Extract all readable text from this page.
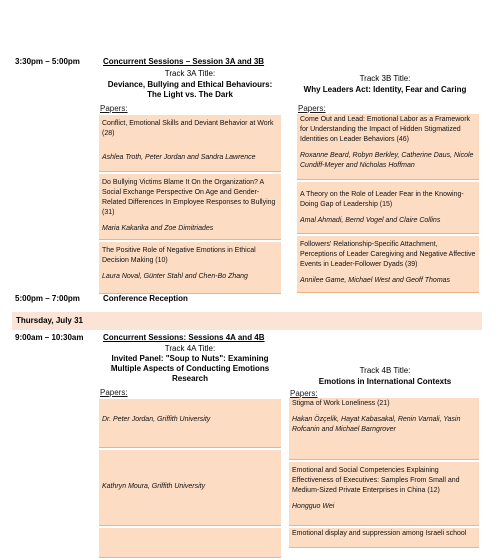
3:30pm – 5:00pm	Concurrent Sessions – Session 3A and 3B
Track 3A Title:
Deviance, Bullying and Ethical Behaviours: The Light vs. The Dark
Papers:
Conflict, Emotional Skills and Deviant Behavior at Work (28)
Ashlea Troth, Peter Jordan and Sandra Lawrence
Do Bullying Victims Blame It On the Organization? A Social Exchange Perspective On Age and Gender-Related Differences In Employee Responses to Bullying (31)
Maria Kakarika and Zoe Dimitriades
The Positive Role of Negative Emotions in Ethical Decision Making (10)
Laura Noval, Günter Stahl and Chen-Bo Zhang
Track 3B Title:
Why Leaders Act: Identity, Fear and Caring
Papers:
Come Out and Lead: Emotional Labor as a Framework for Understanding the Impact of Hidden Stigmatized Identities on Leader Behaviors (46)
Roxanne Beard, Robyn Berkley, Catherine Daus, Nicole Cundiff-Meyer and Nicholas Hoffman
A Theory on the Role of Leader Fear in the Knowing-Doing Gap of Leadership (15)
Amal Ahmadi, Bernd Vogel and Claire Collins
Followers' Relationship-Specific Attachment, Perceptions of Leader Caregiving and Negative Affective Events in Leader-Follower Dyads (39)
Annilee Game, Michael West and Geoff Thomas
5:00pm – 7:00pm	Conference Reception
Thursday, July 31
9:00am – 10:30am Concurrent Sessions: Sessions 4A and 4B
Track 4A Title:
Invited Panel: "Soup to Nuts": Examining Multiple Aspects of Conducting Emotions Research
Papers:
Dr. Peter Jordan, Griffith University
Kathryn Moura, Griffith University
Track 4B Title:
Emotions in International Contexts
Papers:
Stigma of Work Loneliness (21)
Hakan Özçelik, Hayat Kabasakal, Renin Varnali, Yasin Rofcanin and Michael Barngrover
Emotional and Social Competencies Explaining Effectiveness of Executives: Samples From Small and Medium-Sized Private Enterprises in China (12)
Hongguo Wei
Emotional display and suppression among Israeli school
